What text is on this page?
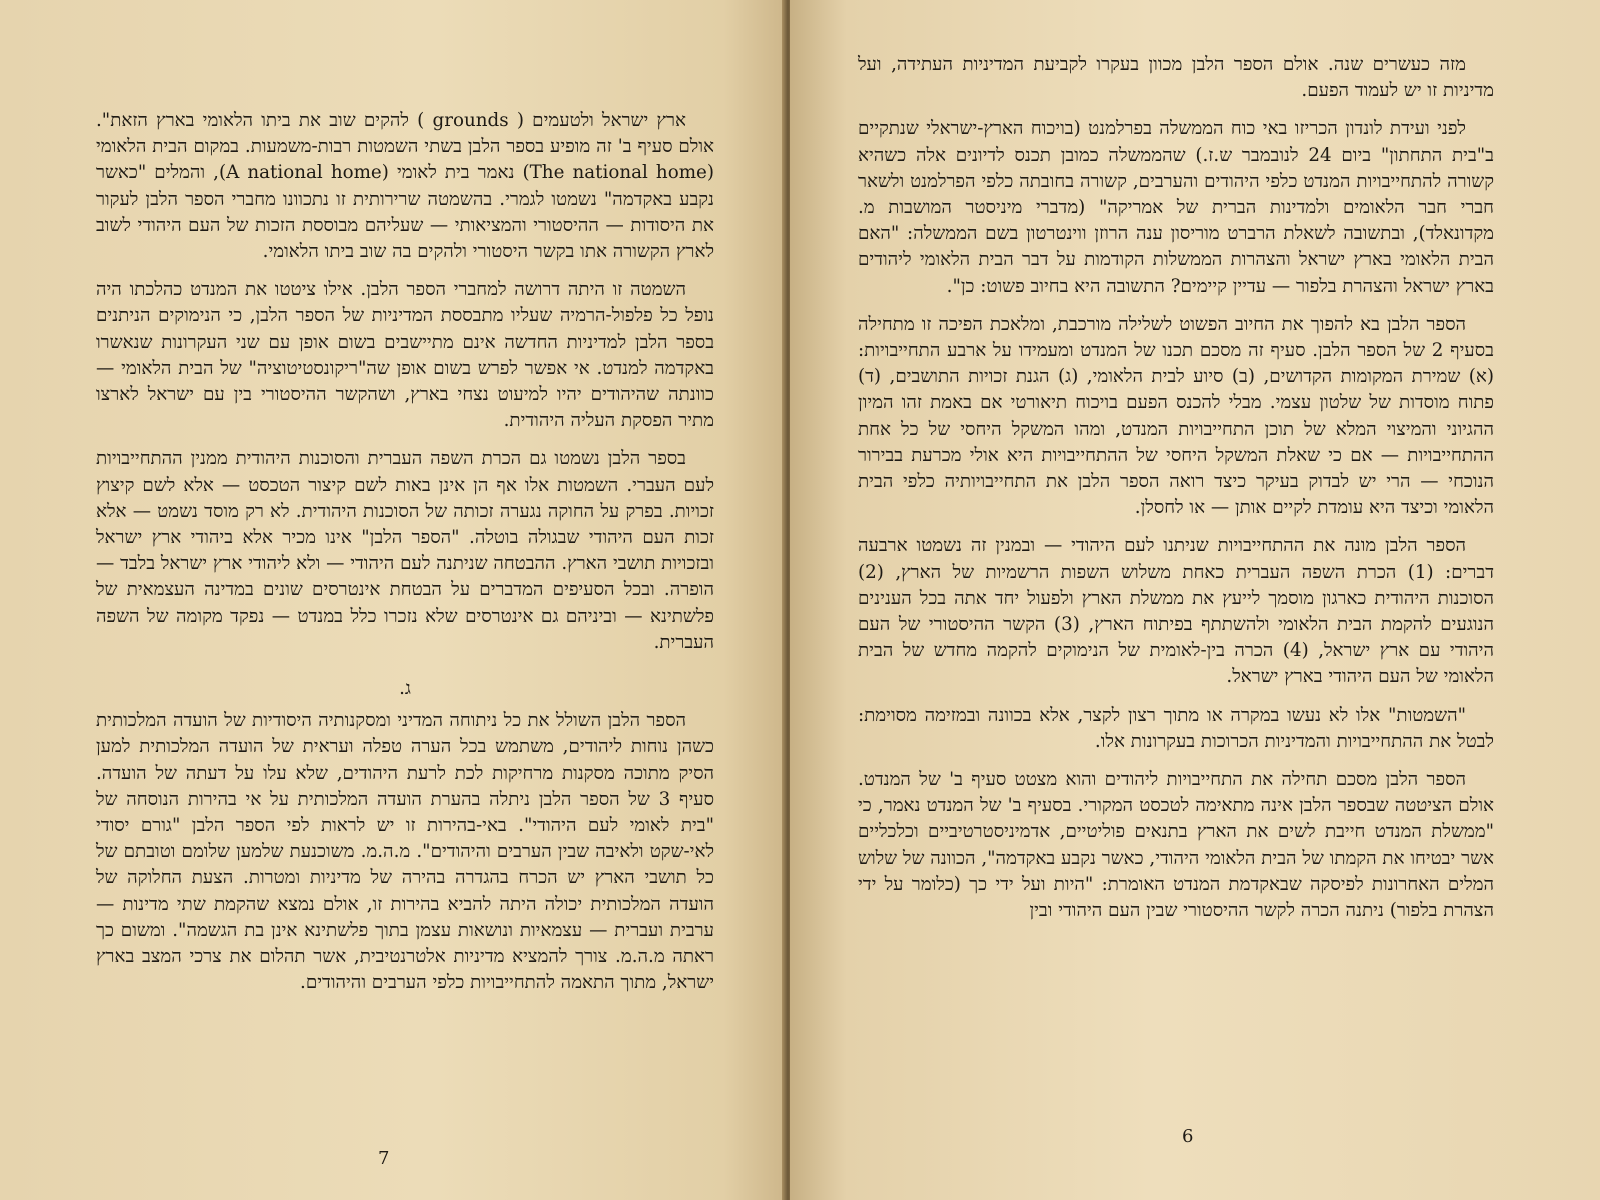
ארץ ישראל ולטעמים ( grounds ) להקים שוב את ביתו הלאומי בארץ הזאת". אולם סעיף ב' זה מופיע בספר הלבן בשתי השמטות רבות-משמעות. במקום הבית הלאומי (The national home) נאמר בית לאומי (A national home), והמלים "כאשר נקבע באקדמה" נשמטו לגמרי. בהשמטה שרירותית זו נתכוונו מחברי הספר הלבן לעקור את היסודות — ההיסטורי והמציאותי — שעליהם מבוססת הזכות של העם היהודי לשוב לארץ הקשורה אתו בקשר היסטורי ולהקים בה שוב ביתו הלאומי.

השמטה זו היתה דרושה למחברי הספר הלבן. אילו ציטטו את המנדט כהלכתו היה נופל כל פלפול-הרמיה שעליו מתבססת המדיניות של הספר הלבן, כי הנימוקים הניתנים בספר הלבן למדיניות החדשה אינם מתיישבים בשום אופן עם שני העקרונות שנאשרו באקדמה למנדט. אי אפשר לפרש בשום אופן שה"ריקונסטיטוציה" של הבית הלאומי — כוונתה שהיהודים יהיו למיעוט נצחי בארץ, ושהקשר ההיסטורי בין עם ישראל לארצו מתיר הפסקת העליה היהודית.

בספר הלבן נשמטו גם הכרת השפה העברית והסוכנות היהודית ממנין ההתחייבויות לעם העברי. השמטות אלו אף הן אינן באות לשם קיצור הטכסט — אלא לשם קיצוץ זכויות. בפרק על החוקה נגערה זכותה של הסוכנות היהודית. לא רק מוסד נשמט — אלא זכות העם היהודי שבגולה בוטלה. "הספר הלבן" אינו מכיר אלא ביהודי ארץ ישראל ובזכויות תושבי הארץ. ההבטחה שניתנה לעם היהודי — ולא ליהודי ארץ ישראל בלבד — הופרה. ובכל הסעיפים המדברים על הבטחת אינטרסים שונים במדינה העצמאית של פלשתינא — וביניהם גם אינטרסים שלא נזכרו כלל במנדט — נפקד מקומה של השפה העברית.

ג.

הספר הלבן השולל את כל ניתוחה המדיני ומסקנותיה היסודיות של הועדה המלכותית כשהן נוחות ליהודים, משתמש בכל הערה טפלה ועראית של הועדה המלכותית למען הסיק מתוכה מסקנות מרחיקות לכת לרעת היהודים, שלא עלו על דעתה של הועדה. סעיף 3 של הספר הלבן ניתלה בהערת הועדה המלכותית על אי בהירות הנוסחה של "בית לאומי לעם היהודי". באי-בהירות זו יש לראות לפי הספר הלבן "גורם יסודי לאי-שקט ולאיבה שבין הערבים והיהודים". מ.ה.מ. משוכנעת שלמען שלומם וטובתם של כל תושבי הארץ יש הכרח בהגדרה בהירה של מדיניות ומטרות. הצעת החלוקה של הועדה המלכותית יכולה היתה להביא בהירות זו, אולם נמצא שהקמת שתי מדינות — ערבית ועברית — עצמאיות ונושאות עצמן בתוך פלשתינא אינן בת הגשמה". ומשום כך ראתה מ.ה.מ. צורך להמציא מדיניות אלטרנטיבית, אשר תהלום את צרכי המצב בארץ ישראל, מתוך התאמה להתחייבויות כלפי הערבים והיהודים.

7

מזה כעשרים שנה. אולם הספר הלבן מכוון בעקרו לקביעת המדיניות העתידה, ועל מדיניות זו יש לעמוד הפעם.

לפני ועידת לונדון הכריזו באי כוח הממשלה בפרלמנט (בויכוח הארץ-ישראלי שנתקיים ב"בית התחתון" ביום 24 לנובמבר ש.ז.) שהממשלה כמובן תכנס לדיונים אלה כשהיא קשורה להתחייבויות המנדט כלפי היהודים והערבים, קשורה בחובתה כלפי הפרלמנט ולשאר חברי חבר הלאומים ולמדינות הברית של אמריקה" (מדברי מיניסטר המושבות מ. מקדונאלד), ובתשובה לשאלת הרברט מוריסון ענה הרוזן ווינטרטון בשם הממשלה: "האם הבית הלאומי בארץ ישראל והצהרות הממשלות הקודמות על דבר הבית הלאומי ליהודים בארץ ישראל והצהרת בלפור — עדיין קיימים? התשובה היא בחיוב פשוט: כן".

הספר הלבן בא להפוך את החיוב הפשוט לשלילה מורכבת, ומלאכת הפיכה זו מתחילה בסעיף 2 של הספר הלבן. סעיף זה מסכם תכנו של המנדט ומעמידו על ארבע התחייבויות: (א) שמירת המקומות הקדושים, (ב) סיוע לבית הלאומי, (ג) הגנת זכויות התושבים, (ד) פתוח מוסדות של שלטון עצמי. מבלי להכנס הפעם בויכוח תיאורטי אם באמת זהו המיון ההגיוני והמיצוי המלא של תוכן התחייבויות המנדט, ומהו המשקל היחסי של כל אחת ההתחייבויות — אם כי שאלת המשקל היחסי של ההתחייבויות היא אולי מכרעת בבירור הנוכחי — הרי יש לבדוק בעיקר כיצד רואה הספר הלבן את התחייבויותיה כלפי הבית הלאומי וכיצד היא עומדת לקיים אותן — או לחסלן.

הספר הלבן מונה את ההתחייבויות שניתנו לעם היהודי — ובמנין זה נשמטו ארבעה דברים: (1) הכרת השפה העברית כאחת משלוש השפות הרשמיות של הארץ, (2) הסוכנות היהודית כארגון מוסמך לייעץ את ממשלת הארץ ולפעול יחד אתה בכל הענינים הנוגעים להקמת הבית הלאומי ולהשתתף בפיתוח הארץ, (3) הקשר ההיסטורי של העם היהודי עם ארץ ישראל, (4) הכרה בין-לאומית של הנימוקים להקמה מחדש של הבית הלאומי של העם היהודי בארץ ישראל.

"השמטות" אלו לא נעשו במקרה או מתוך רצון לקצר, אלא בכוונה ובמזימה מסוימת: לבטל את ההתחייבויות והמדיניות הכרוכות בעקרונות אלו.

הספר הלבן מסכם תחילה את התחייבויות ליהודים והוא מצטט סעיף ב' של המנדט. אולם הציטטה שבספר הלבן אינה מתאימה לטכסט המקורי. בסעיף ב' של המנדט נאמר, כי "ממשלת המנדט חייבת לשים את הארץ בתנאים פוליטיים, אדמיניסטרטיביים וכלכליים אשר יבטיחו את הקמתו של הבית הלאומי היהודי, כאשר נקבע באקדמה", הכוונה של שלוש המלים האחרונות לפיסקה שבאקדמת המנדט האומרת: "היות ועל ידי כך (כלומר על ידי הצהרת בלפור) ניתנה הכרה לקשר ההיסטורי שבין העם היהודי ובין

6
